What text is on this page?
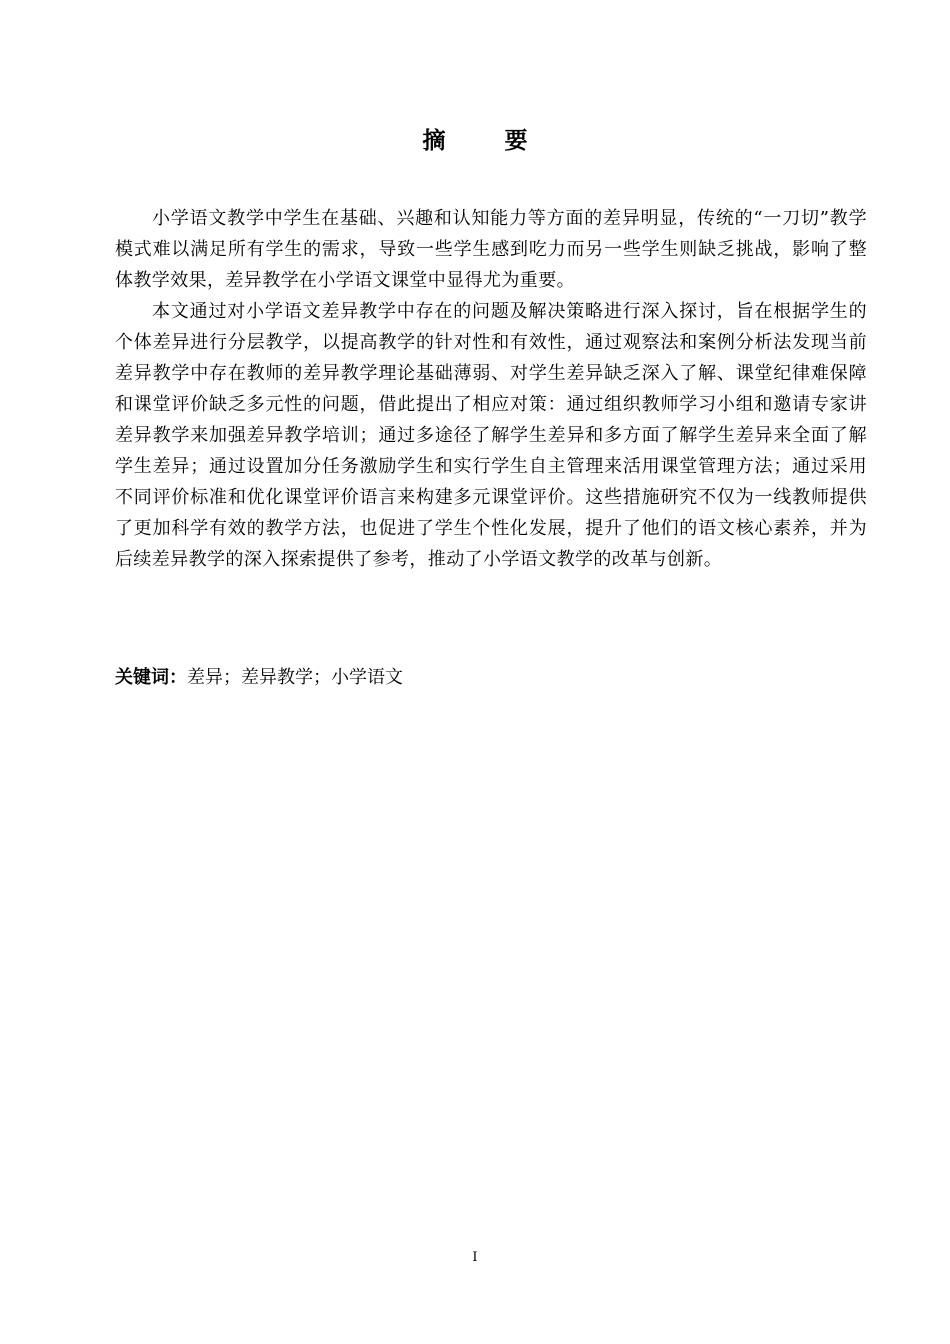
摘　要

小学语文教学中学生在基础、兴趣和认知能力等方面的差异明显，传统的“一刀切”教学模式难以满足所有学生的需求，导致一些学生感到吃力而另一些学生则缺乏挑战，影响了整体教学效果，差异教学在小学语文课堂中显得尤为重要。

本文通过对小学语文差异教学中存在的问题及解决策略进行深入探讨，旨在根据学生的个体差异进行分层教学，以提高教学的针对性和有效性，通过观察法和案例分析法发现当前差异教学中存在教师的差异教学理论基础薄弱、对学生差异缺乏深入了解、课堂纪律难保障和课堂评价缺乏多元性的问题，借此提出了相应对策：通过组织教师学习小组和邀请专家讲差异教学来加强差异教学培训；通过多途径了解学生差异和多方面了解学生差异来全面了解学生差异；通过设置加分任务激励学生和实行学生自主管理来活用课堂管理方法；通过采用不同评价标准和优化课堂评价语言来构建多元课堂评价。这些措施研究不仅为一线教师提供了更加科学有效的教学方法，也促进了学生个性化发展，提升了他们的语文核心素养，并为后续差异教学的深入探索提供了参考，推动了小学语文教学的改革与创新。

关键词：差异；差异教学；小学语文
I
